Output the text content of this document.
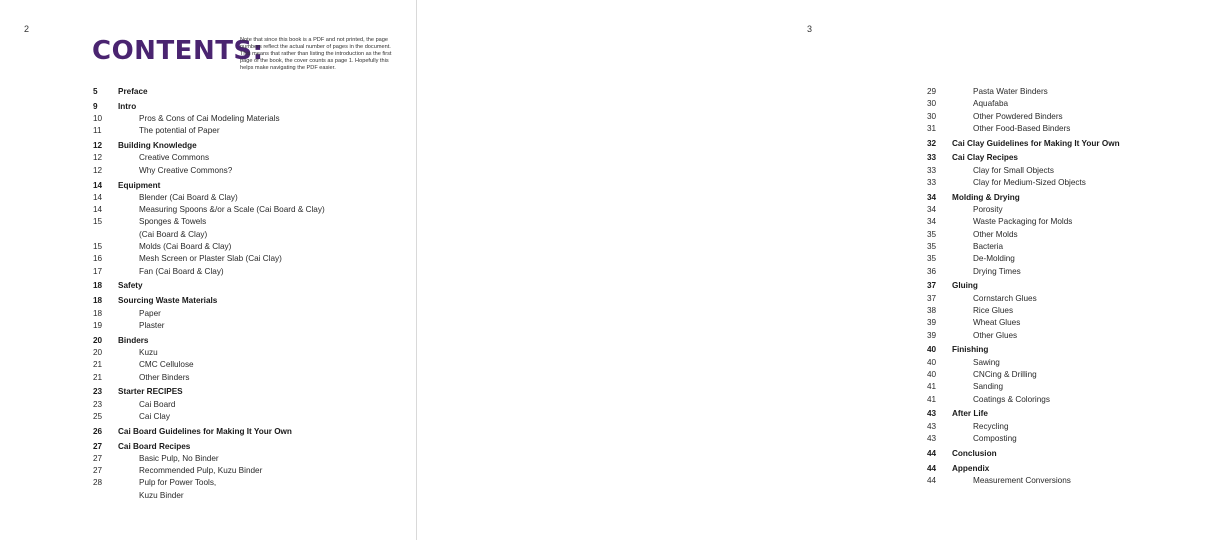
2
CONTENTS:
Note that since this book is a PDF and not printed, the page numbers reflect the actual number of pages in the document. This means that rather than listing the introduction as the first page of the book, the cover counts as page 1. Hopefully this helps make navigating the PDF easier.
5	Preface
9	Intro
10	Pros & Cons of Cai Modeling Materials
11	The potential of Paper
12	Building Knowledge
12	Creative Commons
12	Why Creative Commons?
14	Equipment
14	Blender (Cai Board & Clay)
14	Measuring Spoons &/or a Scale (Cai Board & Clay)
15	Sponges & Towels
(Cai Board & Clay)
15	Molds (Cai Board & Clay)
16	Mesh Screen or Plaster Slab (Cai Clay)
17	Fan (Cai Board & Clay)
18	Safety
18	Sourcing Waste Materials
18	Paper
19	Plaster
20	Binders
20	Kuzu
21	CMC Cellulose
21	Other Binders
23	Starter RECIPES
23	Cai Board
25	Cai Clay
26	Cai Board Guidelines for Making It Your Own
27	Cai Board Recipes
27	Basic Pulp, No Binder
27	Recommended Pulp, Kuzu Binder
28	Pulp for Power Tools,
Kuzu Binder
3
29	Pasta Water Binders
30	Aquafaba
30	Other Powdered Binders
31	Other Food-Based Binders
32	Cai Clay Guidelines for Making It Your Own
33	Cai Clay Recipes
33	Clay for Small Objects
33	Clay for Medium-Sized Objects
34	Molding & Drying
34	Porosity
34	Waste Packaging for Molds
35	Other Molds
35	Bacteria
35	De-Molding
36	Drying Times
37	Gluing
37	Cornstarch Glues
38	Rice Glues
39	Wheat Glues
39	Other Glues
40	Finishing
40	Sawing
40	CNCing & Drilling
41	Sanding
41	Coatings & Colorings
43	After Life
43	Recycling
43	Composting
44	Conclusion
44	Appendix
44	Measurement Conversions
